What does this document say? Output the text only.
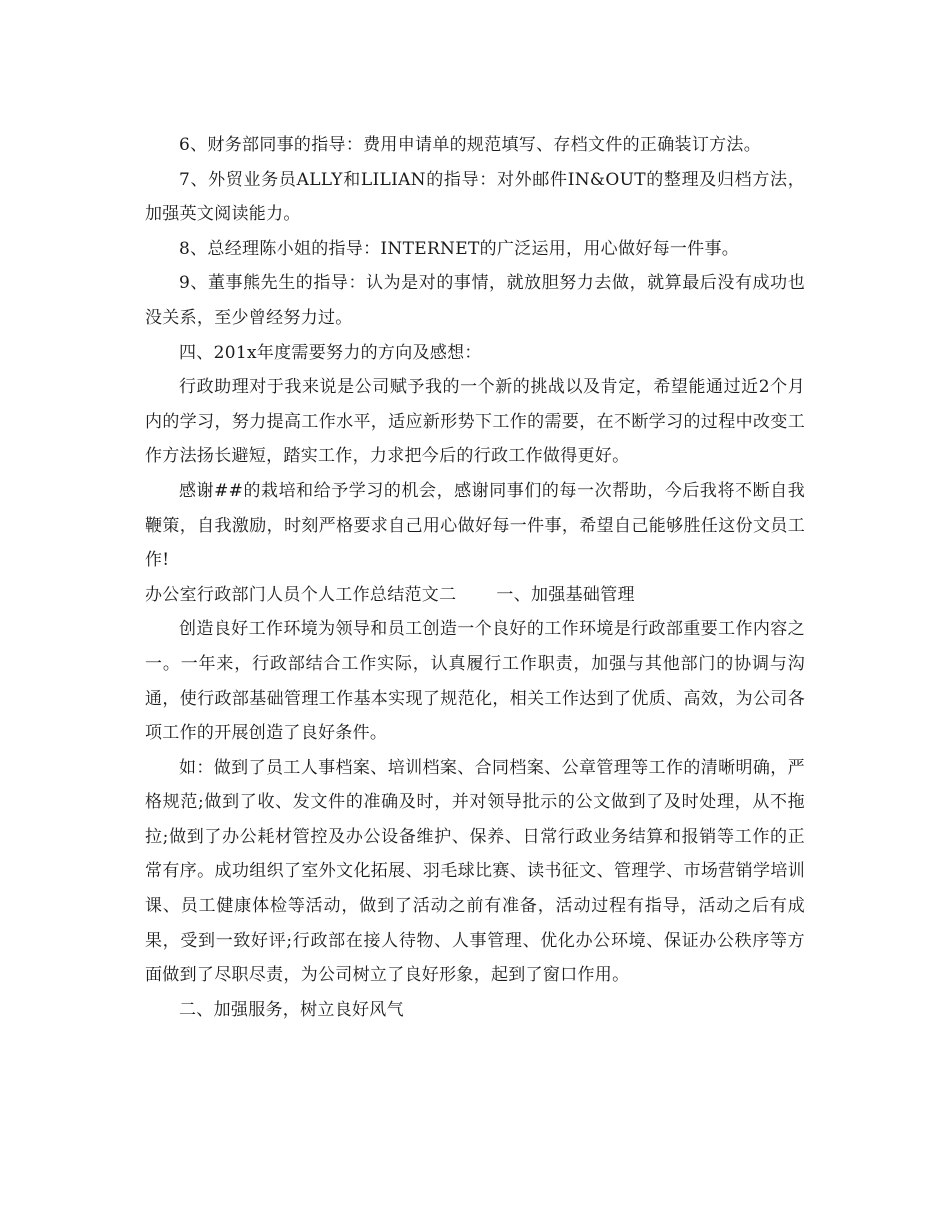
6、财务部同事的指导：费用申请单的规范填写、存档文件的正确装订方法。

7、外贸业务员ALLY和LILIAN的指导：对外邮件IN&OUT的整理及归档方法，加强英文阅读能力。

8、总经理陈小姐的指导：INTERNET的广泛运用，用心做好每一件事。

9、董事熊先生的指导：认为是对的事情，就放胆努力去做，就算最后没有成功也没关系，至少曾经努力过。

四、201x年度需要努力的方向及感想：

行政助理对于我来说是公司赋予我的一个新的挑战以及肯定，希望能通过近2个月内的学习，努力提高工作水平，适应新形势下工作的需要，在不断学习的过程中改变工作方法扬长避短，踏实工作，力求把今后的行政工作做得更好。

感谢##的栽培和给予学习的机会，感谢同事们的每一次帮助，今后我将不断自我鞭策，自我激励，时刻严格要求自己用心做好每一件事，希望自己能够胜任这份文员工作!

办公室行政部门人员个人工作总结范文二 一、加强基础管理

创造良好工作环境为领导和员工创造一个良好的工作环境是行政部重要工作内容之一。一年来，行政部结合工作实际，认真履行工作职责，加强与其他部门的协调与沟通，使行政部基础管理工作基本实现了规范化，相关工作达到了优质、高效，为公司各项工作的开展创造了良好条件。

如：做到了员工人事档案、培训档案、合同档案、公章管理等工作的清晰明确，严格规范;做到了收、发文件的准确及时，并对领导批示的公文做到了及时处理，从不拖拉;做到了办公耗材管控及办公设备维护、保养、日常行政业务结算和报销等工作的正常有序。成功组织了室外文化拓展、羽毛球比赛、读书征文、管理学、市场营销学培训课、员工健康体检等活动，做到了活动之前有准备，活动过程有指导，活动之后有成果，受到一致好评;行政部在接人待物、人事管理、优化办公环境、保证办公秩序等方面做到了尽职尽责，为公司树立了良好形象，起到了窗口作用。

二、加强服务，树立良好风气
